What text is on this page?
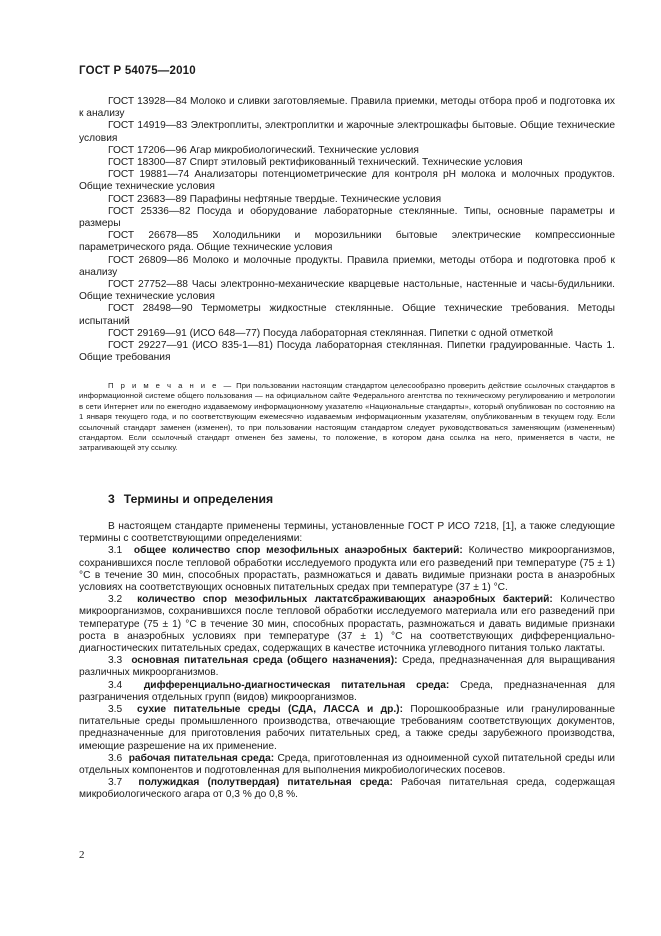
ГОСТ Р 54075—2010

ГОСТ 13928—84 Молоко и сливки заготовляемые. Правила приемки, методы отбора проб и подготовка их к анализу

ГОСТ 14919—83 Электроплиты, электроплитки и жарочные электрошкафы бытовые. Общие технические условия

ГОСТ 17206—96 Агар микробиологический. Технические условия

ГОСТ 18300—87 Спирт этиловый ректификованный технический. Технические условия

ГОСТ 19881—74 Анализаторы потенциометрические для контроля pH молока и молочных продуктов. Общие технические условия

ГОСТ 23683—89 Парафины нефтяные твердые. Технические условия

ГОСТ 25336—82 Посуда и оборудование лабораторные стеклянные. Типы, основные параметры и размеры

ГОСТ 26678—85 Холодильники и морозильники бытовые электрические компрессионные параметрического ряда. Общие технические условия

ГОСТ 26809—86 Молоко и молочные продукты. Правила приемки, методы отбора и подготовка проб к анализу

ГОСТ 27752—88 Часы электронно-механические кварцевые настольные, настенные и часы-будильники. Общие технические условия

ГОСТ 28498—90 Термометры жидкостные стеклянные. Общие технические требования. Методы испытаний

ГОСТ 29169—91 (ИСО 648—77) Посуда лабораторная стеклянная. Пипетки с одной отметкой

ГОСТ 29227—91 (ИСО 835-1—81) Посуда лабораторная стеклянная. Пипетки градуированные. Часть 1. Общие требования

П р и м е ч а н и е — При пользовании настоящим стандартом целесообразно проверить действие ссылочных стандартов в информационной системе общего пользования — на официальном сайте Федерального агентства по техническому регулированию и метрологии в сети Интернет или по ежегодно издаваемому информационному указателю «Национальные стандарты», который опубликован по состоянию на 1 января текущего года, и по соответствующим ежемесячно издаваемым информационным указателям, опубликованным в текущем году. Если ссылочный стандарт заменен (изменен), то при пользовании настоящим стандартом следует руководствоваться заменяющим (измененным) стандартом. Если ссылочный стандарт отменен без замены, то положение, в котором дана ссылка на него, применяется в части, не затрагивающей эту ссылку.
3 Термины и определения

В настоящем стандарте применены термины, установленные ГОСТ Р ИСО 7218, [1], а также следующие термины с соответствующими определениями:

3.1 общее количество спор мезофильных анаэробных бактерий: Количество микроорганизмов, сохранившихся после тепловой обработки исследуемого продукта или его разведений при температуре (75 ± 1) °С в течение 30 мин, способных прорастать, размножаться и давать видимые признаки роста в анаэробных условиях на соответствующих основных питательных средах при температуре (37 ± 1) °С.

3.2 количество спор мезофильных лактатсбраживающих анаэробных бактерий: Количество микроорганизмов, сохранившихся после тепловой обработки исследуемого материала или его разведений при температуре (75 ± 1) °С в течение 30 мин, способных прорастать, размножаться и давать видимые признаки роста в анаэробных условиях при температуре (37 ± 1) °С на соответствующих дифференциально-диагностических питательных средах, содержащих в качестве источника углеводного питания только лактаты.

3.3 основная питательная среда (общего назначения): Среда, предназначенная для выращивания различных микроорганизмов.

3.4 дифференциально-диагностическая питательная среда: Среда, предназначенная для разграничения отдельных групп (видов) микроорганизмов.

3.5 сухие питательные среды (СДА, ЛАССА и др.): Порошкообразные или гранулированные питательные среды промышленного производства, отвечающие требованиям соответствующих документов, предназначенные для приготовления рабочих питательных сред, а также среды зарубежного производства, имеющие разрешение на их применение.

3.6 рабочая питательная среда: Среда, приготовленная из одноименной сухой питательной среды или отдельных компонентов и подготовленная для выполнения микробиологических посевов.

3.7 полужидкая (полутвердая) питательная среда: Рабочая питательная среда, содержащая микробиологического агара от 0,3 % до 0,8 %.

2
